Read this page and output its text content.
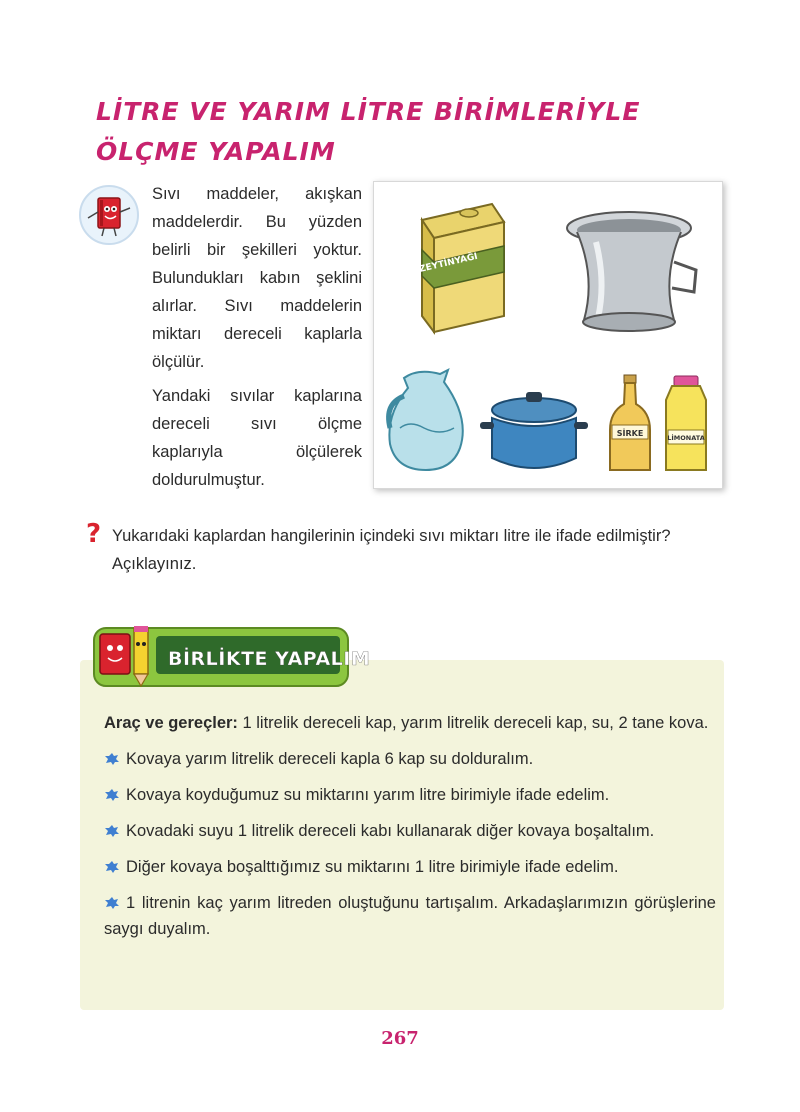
LİTRE VE YARIM LİTRE BİRİMLERİYLE ÖLÇME YAPALIM

Sıvı maddeler, akışkan maddelerdir. Bu yüzden belirli bir şekilleri yoktur. Bulundukları kabın şeklini alırlar. Sıvı maddelerin miktarı dereceli kaplarla ölçülür.

Yandaki sıvılar kaplarına dereceli sıvı ölçme kaplarıyla ölçülerek doldurulmuştur.

ZEYTİNYAĞI
SİRKE	LİMONATA
? Yukarıdaki kaplardan hangilerinin içindeki sıvı miktarı litre ile ifade edilmiştir? Açıklayınız.
BİRLİKTE YAPALIM

Araç ve gereçler: 1 litrelik dereceli kap, yarım litrelik dereceli kap, su, 2 tane kova.

Kovaya yarım litrelik dereceli kapla 6 kap su dolduralım.

Kovaya koyduğumuz su miktarını yarım litre birimiyle ifade edelim.

Kovadaki suyu 1 litrelik dereceli kabı kullanarak diğer kovaya boşaltalım.

Diğer kovaya boşalttığımız su miktarını 1 litre birimiyle ifade edelim.

1 litrenin kaç yarım litreden oluştuğunu tartışalım. Arkadaşlarımızın görüşlerine saygı duyalım.

267
